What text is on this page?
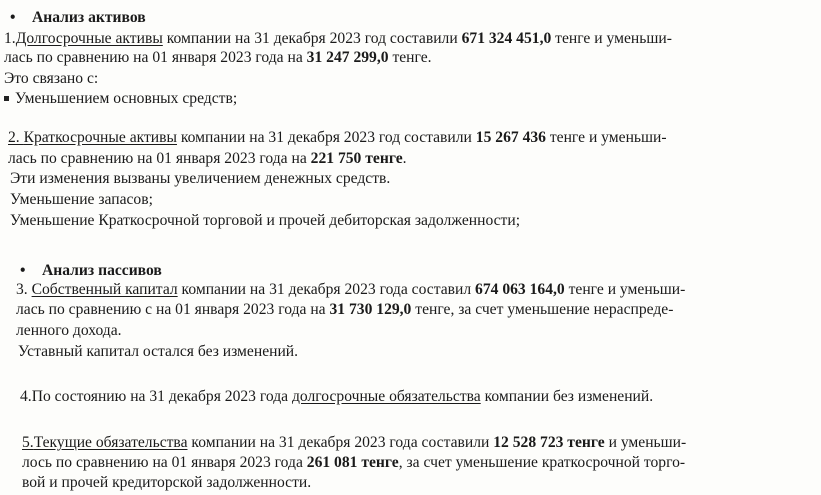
• Анализ активов
1.Долгосрочные активы компании на 31 декабря 2023 год составили 671 324 451,0 тенге и уменьши-
лась по сравнению на 01 января 2023 года на 31 247 299,0 тенге.
Это связано с:
Уменьшением основных средств;
2. Краткосрочные активы компании на 31 декабря 2023 год составили 15 267 436 тенге и уменьши-
лась по сравнению на 01 января 2023 года на 221 750 тенге.
Эти изменения вызваны увеличением денежных средств.
Уменьшение запасов;
Уменьшение Краткосрочной торговой и прочей дебиторская задолженности;
• Анализ пассивов
3. Собственный капитал компании на 31 декабря 2023 года составил 674 063 164,0 тенге и уменьши-
лась по сравнению с на 01 января 2023 года на 31 730 129,0 тенге, за счет уменьшение нераспреде-
ленного дохода.
Уставный капитал остался без изменений.
4.По состоянию на 31 декабря 2023 года долгосрочные обязательства компании без изменений.
5.Текущие обязательства компании на 31 декабря 2023 года составили 12 528 723 тенге и уменьши-
лось по сравнению на 01 января 2023 года 261 081 тенге, за счет уменьшение краткосрочной торго-
вой и прочей кредиторской задолженности.
